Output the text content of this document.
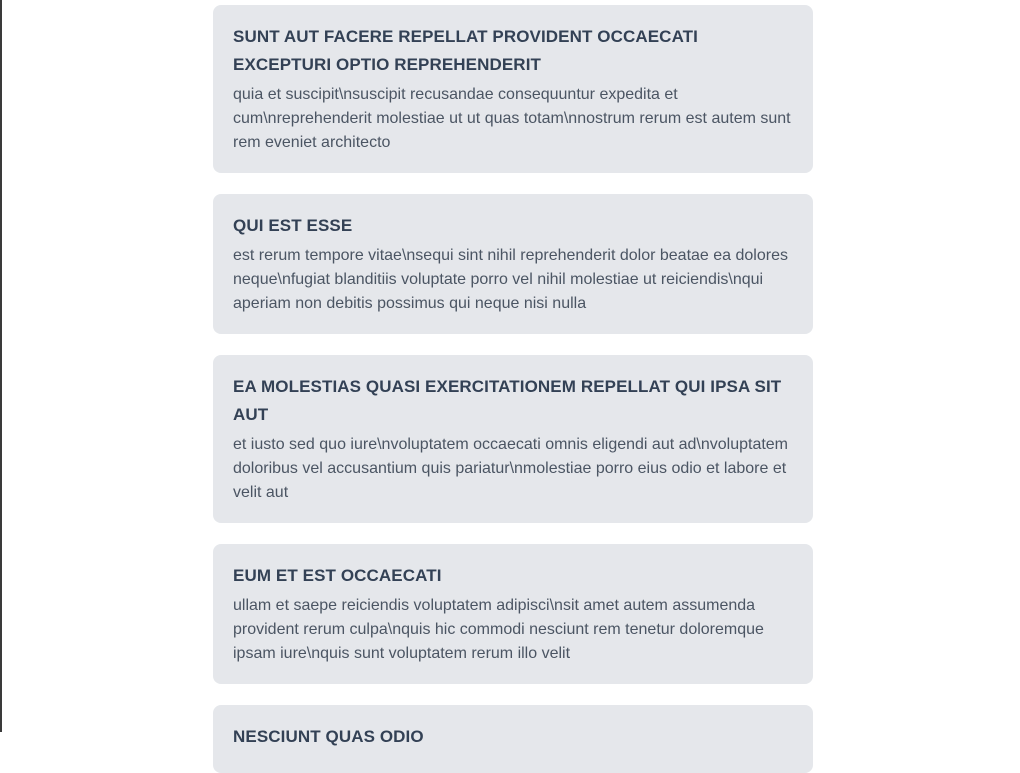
SUNT AUT FACERE REPELLAT PROVIDENT OCCAECATI EXCEPTURI OPTIO REPREHENDERIT

quia et suscipit\nsuscipit recusandae consequuntur expedita et cum\nreprehenderit molestiae ut ut quas totam\nnostrum rerum est autem sunt rem eveniet architecto

QUI EST ESSE

est rerum tempore vitae\nsequi sint nihil reprehenderit dolor beatae ea dolores neque\nfugiat blanditiis voluptate porro vel nihil molestiae ut reiciendis\nqui aperiam non debitis possimus qui neque nisi nulla

EA MOLESTIAS QUASI EXERCITATIONEM REPELLAT QUI IPSA SIT AUT

et iusto sed quo iure\nvoluptatem occaecati omnis eligendi aut ad\nvoluptatem doloribus vel accusantium quis pariatur\nmolestiae porro eius odio et labore et velit aut

EUM ET EST OCCAECATI

ullam et saepe reiciendis voluptatem adipisci\nsit amet autem assumenda provident rerum culpa\nquis hic commodi nesciunt rem tenetur doloremque ipsam iure\nquis sunt voluptatem rerum illo velit

NESCIUNT QUAS ODIO
